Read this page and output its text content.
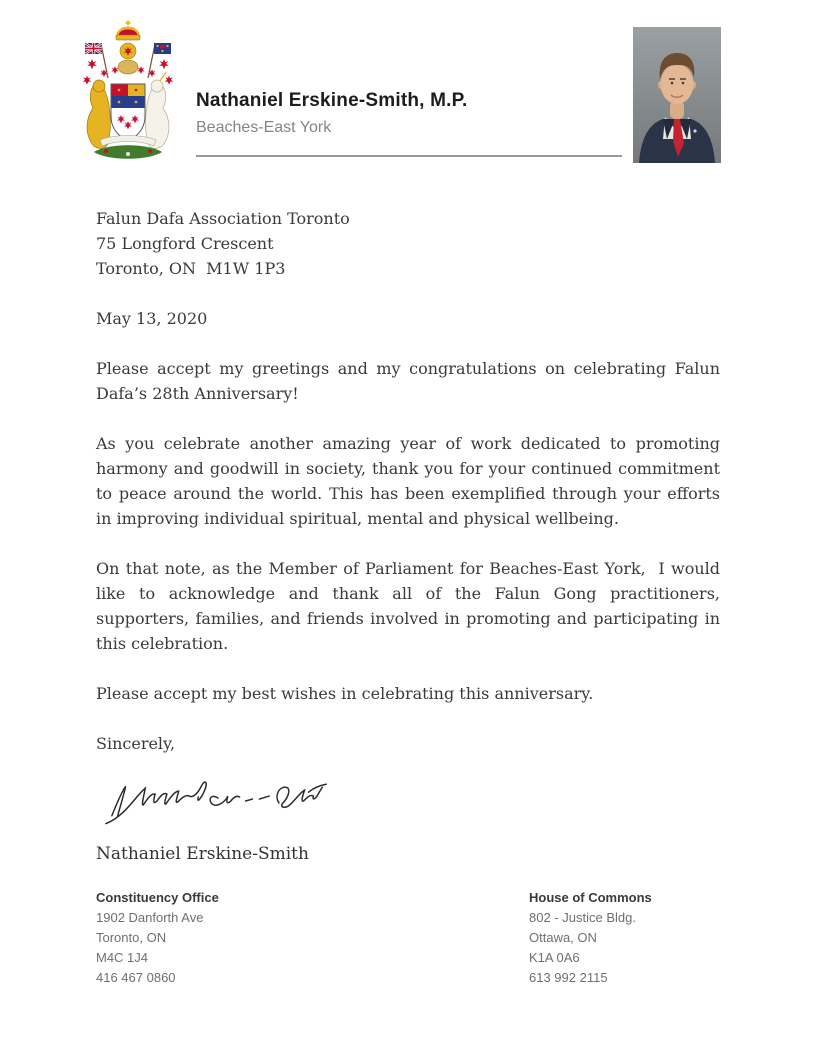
Nathaniel Erskine-Smith, M.P.
Beaches-East York
Falun Dafa Association Toronto
75 Longford Crescent
Toronto, ON  M1W 1P3
May 13, 2020

Please accept my greetings and my congratulations on celebrating Falun Dafa’s 28th Anniversary!

As you celebrate another amazing year of work dedicated to promoting harmony and goodwill in society, thank you for your continued commitment to peace around the world. This has been exemplified through your efforts in improving individual spiritual, mental and physical wellbeing.

On that note, as the Member of Parliament for Beaches-East York,  I would like to acknowledge and thank all of the Falun Gong practitioners, supporters, families, and friends involved in promoting and participating in this celebration.

Please accept my best wishes in celebrating this anniversary.

Sincerely,

Nathaniel Erskine-Smith
Constituency Office
1902 Danforth Ave
Toronto, ON
M4C 1J4
416 467 0860
House of Commons
802 - Justice Bldg.
Ottawa, ON
K1A 0A6
613 992 2115
